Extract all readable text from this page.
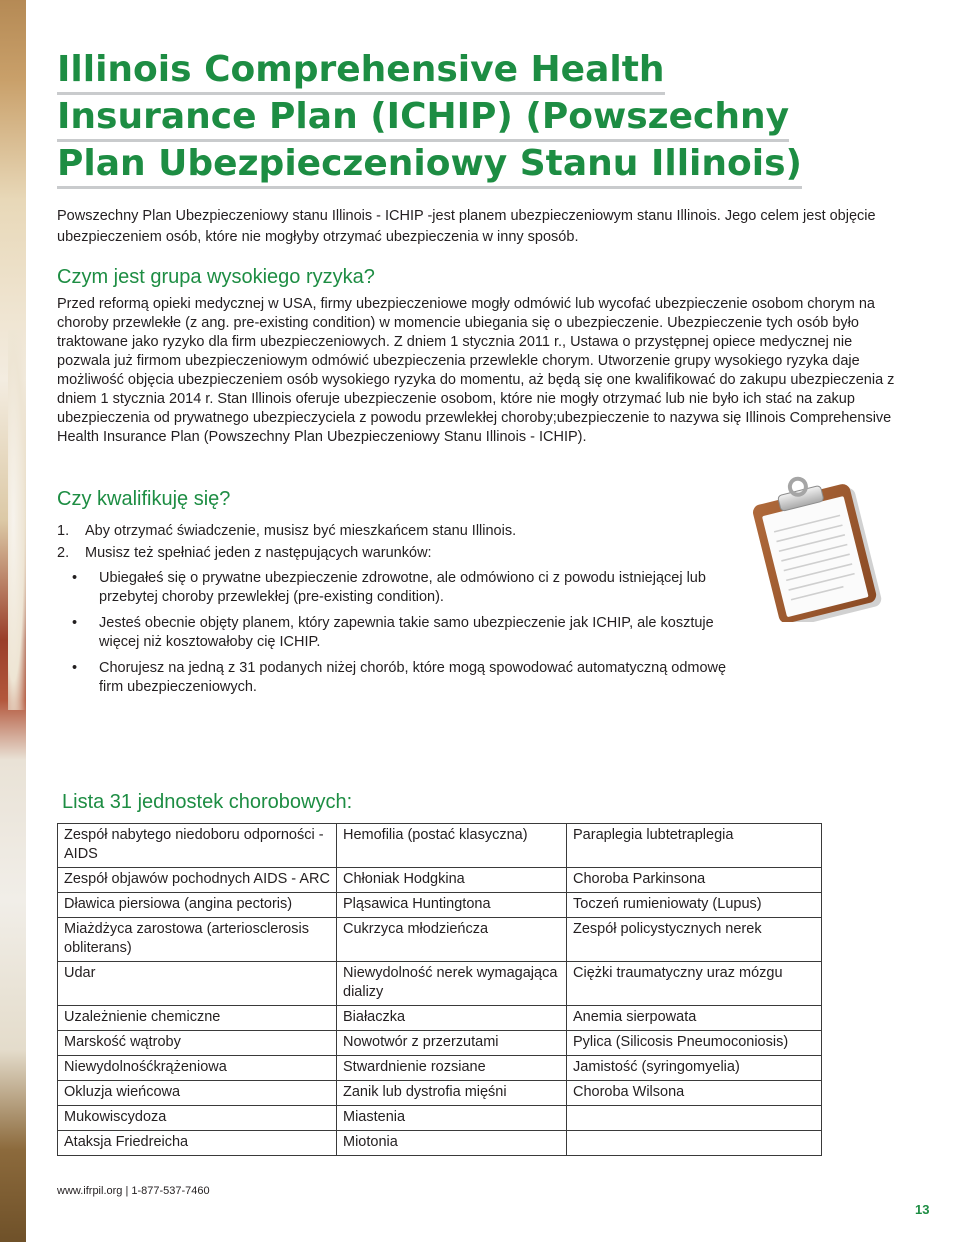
Illinois Comprehensive Health
Insurance Plan (ICHIP) (Powszechny
Plan Ubezpieczeniowy Stanu Illinois)

Powszechny Plan Ubezpieczeniowy stanu Illinois - ICHIP -jest planem ubezpieczeniowym stanu Illinois. Jego celem jest objęcie ubezpieczeniem osób, które nie mogłyby otrzymać ubezpieczenia w inny sposób.

Czym jest grupa wysokiego ryzyka?

Przed reformą opieki medycznej w USA, firmy ubezpieczeniowe mogły odmówić lub wycofać ubezpieczenie osobom chorym na choroby przewlekłe (z ang. pre-existing condition) w momencie ubiegania się o ubezpieczenie. Ubezpieczenie tych osób było traktowane jako ryzyko dla firm ubezpieczeniowych. Z dniem 1 stycznia 2011 r., Ustawa o przystępnej opiece medycznej nie pozwala już firmom ubezpieczeniowym odmówić ubezpieczenia przewlekle chorym. Utworzenie grupy wysokiego ryzyka daje możliwość objęcia ubezpieczeniem osób wysokiego ryzyka do momentu, aż będą się one kwalifikować do zakupu ubezpieczenia z dniem 1 stycznia 2014 r. Stan Illinois oferuje ubezpieczenie osobom, które nie mogły otrzymać lub nie było ich stać na zakup ubezpieczenia od prywatnego ubezpieczyciela z powodu przewlekłej choroby;ubezpieczenie to nazywa się Illinois Comprehensive Health Insurance Plan (Powszechny Plan Ubezpieczeniowy Stanu Illinois - ICHIP).

Czy kwalifikuję się?
1.	Aby otrzymać świadczenie, musisz być mieszkańcem stanu Illinois.
2.	Musisz też spełniać jeden z następujących warunków:
•	Ubiegałeś się o prywatne ubezpieczenie zdrowotne, ale odmówiono ci z powodu istniejącej lub przebytej choroby przewlekłej (pre-existing condition).
•	Jesteś obecnie objęty planem, który zapewnia takie samo ubezpieczenie jak ICHIP, ale kosztuje więcej niż kosztowałoby cię ICHIP.
•	Chorujesz na jedną z 31 podanych niżej chorób, które mogą spowodować automatyczną odmowę firm ubezpieczeniowych.
Lista 31 jednostek chorobowych:
Zespół nabytego niedoboru odporności - AIDS	Hemofilia (postać klasyczna)	Paraplegia lubtetraplegia
Zespół objawów pochodnych AIDS - ARC	Chłoniak Hodgkina	Choroba Parkinsona
Dławica piersiowa (angina pectoris)	Pląsawica Huntingtona	Toczeń rumieniowaty (Lupus)
Miażdżyca zarostowa (arteriosclerosis obliterans)	Cukrzyca młodzieńcza	Zespół policystycznych nerek
Udar	Niewydolność nerek wymagająca dializy	Ciężki traumatyczny uraz mózgu
Uzależnienie chemiczne	Białaczka	Anemia sierpowata
Marskość wątroby	Nowotwór z przerzutami	Pylica (Silicosis Pneumoconiosis)
Niewydolnośćkrążeniowa	Stwardnienie rozsiane	Jamistość (syringomyelia)
Okluzja wieńcowa	Zanik lub dystrofia mięśni	Choroba Wilsona
Mukowiscydoza	Miastenia	
Ataksja Friedreicha	Miotonia	

www.ifrpil.org | 1-877-537-7460

13
